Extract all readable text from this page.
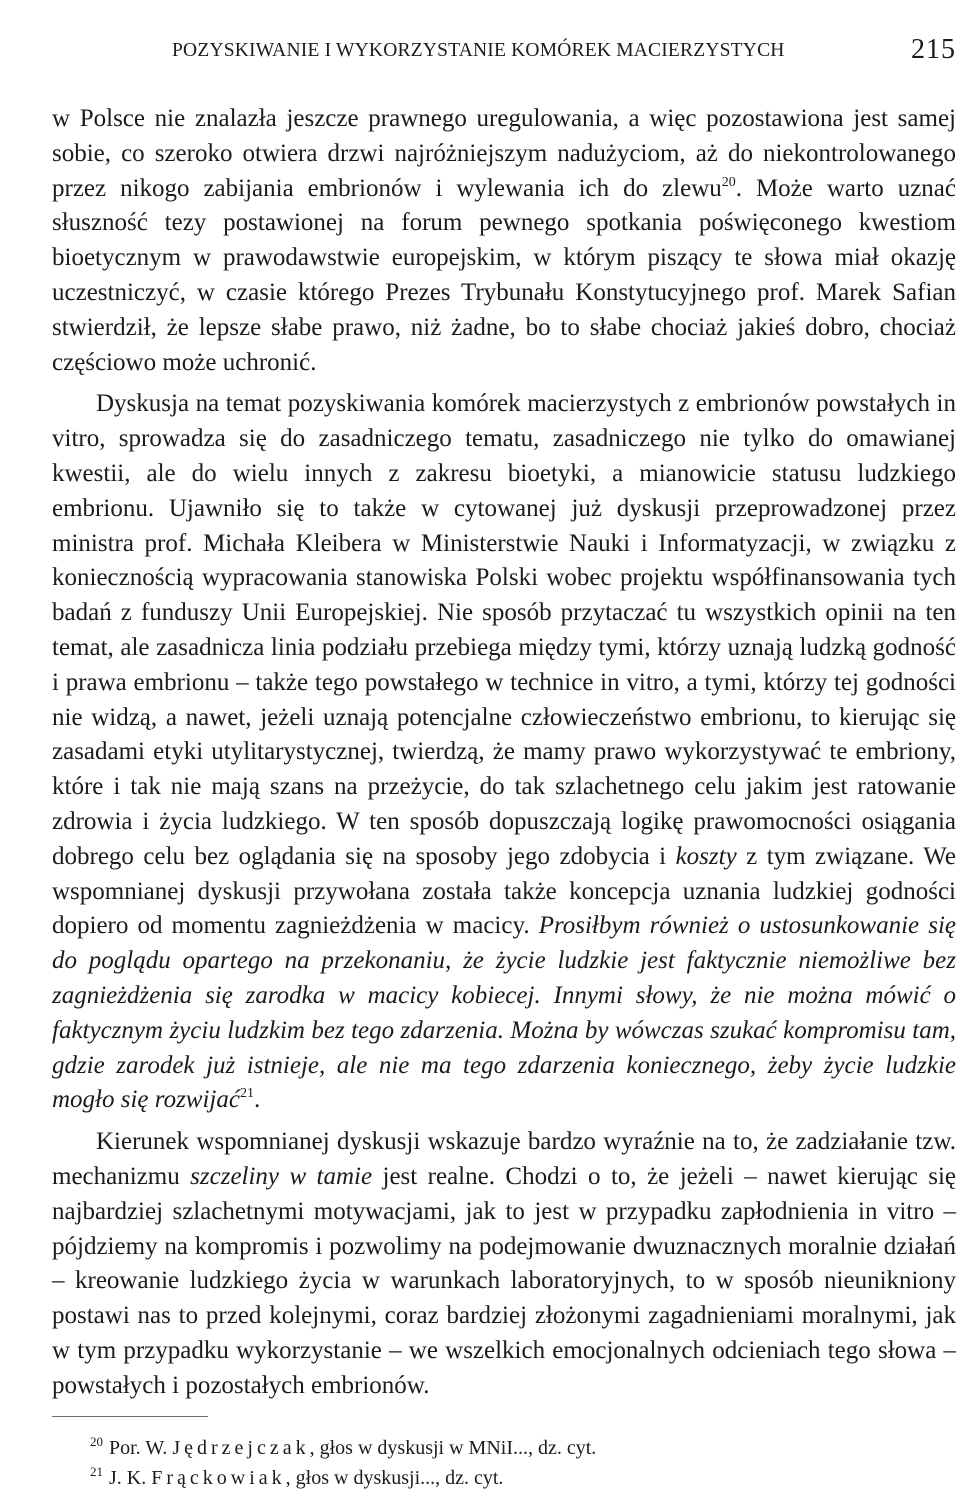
POZYSKIWANIE I WYKORZYSTANIE KOMÓREK MACIERZYSTYCH	215

w Polsce nie znalazła jeszcze prawnego uregulowania, a więc pozostawiona jest samej sobie, co szeroko otwiera drzwi najróżniejszym nadużyciom, aż do niekontrolowanego przez nikogo zabijania embrionów i wylewania ich do zlewu$^{20}$. Może warto uznać słuszność tezy postawionej na forum pewnego spotkania poświęconego kwestiom bioetycznym w prawodawstwie europejskim, w którym piszący te słowa miał okazję uczestniczyć, w czasie którego Prezes Trybunału Konstytucyjnego prof. Marek Safian stwierdził, że lepsze słabe prawo, niż żadne, bo to słabe chociaż jakieś dobro, chociaż częściowo może uchronić.

Dyskusja na temat pozyskiwania komórek macierzystych z embrionów powstałych in vitro, sprowadza się do zasadniczego tematu, zasadniczego nie tylko do omawianej kwestii, ale do wielu innych z zakresu bioetyki, a mianowicie statusu ludzkiego embrionu. Ujawniło się to także w cytowanej już dyskusji przeprowadzonej przez ministra prof. Michała Kleibera w Ministerstwie Nauki i Informatyzacji, w związku z koniecznością wypracowania stanowiska Polski wobec projektu współfinansowania tych badań z funduszy Unii Europejskiej. Nie sposób przytaczać tu wszystkich opinii na ten temat, ale zasadnicza linia podziału przebiega między tymi, którzy uznają ludzką godność i prawa embrionu – także tego powstałego w technice in vitro, a tymi, którzy tej godności nie widzą, a nawet, jeżeli uznają potencjalne człowieczeństwo embrionu, to kierując się zasadami etyki utylitarystycznej, twierdzą, że mamy prawo wykorzystywać te embriony, które i tak nie mają szans na przeżycie, do tak szlachetnego celu jakim jest ratowanie zdrowia i życia ludzkiego. W ten sposób dopuszczają logikę prawomocności osiągania dobrego celu bez oglądania się na sposoby jego zdobycia i koszty z tym związane. We wspomnianej dyskusji przywołana została także koncepcja uznania ludzkiej godności dopiero od momentu zagnieżdżenia w macicy. Prosiłbym również o ustosunkowanie się do poglądu opartego na przekonaniu, że życie ludzkie jest faktycznie niemożliwe bez zagnieżdżenia się zarodka w macicy kobiecej. Innymi słowy, że nie można mówić o faktycznym życiu ludzkim bez tego zdarzenia. Można by wówczas szukać kompromisu tam, gdzie zarodek już istnieje, ale nie ma tego zdarzenia koniecznego, żeby życie ludzkie mogło się rozwijać$^{21}$.

Kierunek wspomnianej dyskusji wskazuje bardzo wyraźnie na to, że zadziałanie tzw. mechanizmu szczeliny w tamie jest realne. Chodzi o to, że jeżeli – nawet kierując się najbardziej szlachetnymi motywacjami, jak to jest w przypadku zapłodnienia in vitro – pójdziemy na kompromis i pozwolimy na podejmowanie dwuznacznych moralnie działań – kreowanie ludzkiego życia w warunkach laboratoryjnych, to w sposób nieunikniony postawi nas to przed kolejnymi, coraz bardziej złożonymi zagadnieniami moralnymi, jak w tym przypadku wykorzystanie – we wszelkich emocjonalnych odcieniach tego słowa – powstałych i pozostałych embrionów.

$^{20}$ Por. W. Jędrzejczak, głos w dyskusji w MNiI..., dz. cyt.
$^{21}$ J. K. Frąckowiak, głos w dyskusji..., dz. cyt.
